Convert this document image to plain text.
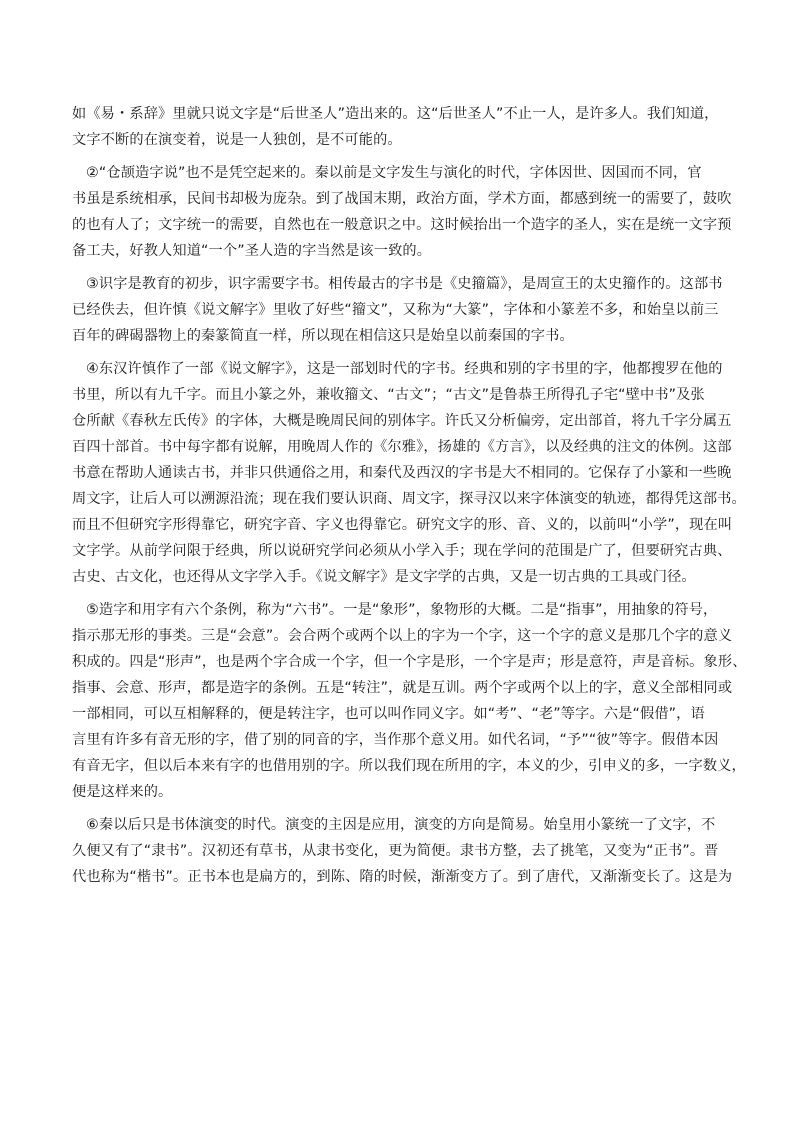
如《易・系辞》里就只说文字是“后世圣人”造出来的。这“后世圣人”不止一人，是许多人。我们知道，
文字不断的在演变着，说是一人独创，是不可能的。
②“仓颉造字说”也不是凭空起来的。秦以前是文字发生与演化的时代，字体因世、因国而不同，官
书虽是系统相承，民间书却极为庞杂。到了战国末期，政治方面，学术方面，都感到统一的需要了，鼓吹
的也有人了；文字统一的需要，自然也在一般意识之中。这时候抬出一个造字的圣人，实在是统一文字预
备工夫，好教人知道“一个”圣人造的字当然是该一致的。
③识字是教育的初步，识字需要字书。相传最古的字书是《史籀篇》，是周宣王的太史籀作的。这部书
已经佚去，但许慎《说文解字》里收了好些“籀文”，又称为“大篆”，字体和小篆差不多，和始皇以前三
百年的碑碣器物上的秦篆简直一样，所以现在相信这只是始皇以前秦国的字书。
④东汉许慎作了一部《说文解字》，这是一部划时代的字书。经典和别的字书里的字，他都搜罗在他的
书里，所以有九千字。而且小篆之外，兼收籀文、“古文”；“古文”是鲁恭王所得孔子宅“壁中书”及张
仓所献《春秋左氏传》的字体，大概是晚周民间的别体字。许氏又分析偏旁，定出部首，将九千字分属五
百四十部首。书中每字都有说解，用晚周人作的《尔雅》，扬雄的《方言》，以及经典的注文的体例。这部
书意在帮助人通读古书，并非只供通俗之用，和秦代及西汉的字书是大不相同的。它保存了小篆和一些晚
周文字，让后人可以溯源沿流；现在我们要认识商、周文字，探寻汉以来字体演变的轨迹，都得凭这部书。
而且不但研究字形得靠它，研究字音、字义也得靠它。研究文字的形、音、义的，以前叫“小学”，现在叫
文字学。从前学问限于经典，所以说研究学问必须从小学入手；现在学问的范围是广了，但要研究古典、
古史、古文化，也还得从文字学入手。《说文解字》是文字学的古典，又是一切古典的工具或门径。
⑤造字和用字有六个条例，称为“六书”。一是“象形”，象物形的大概。二是“指事”，用抽象的符号，
指示那无形的事类。三是“会意”。会合两个或两个以上的字为一个字，这一个字的意义是那几个字的意义
积成的。四是“形声”，也是两个字合成一个字，但一个字是形，一个字是声；形是意符，声是音标。象形、
指事、会意、形声，都是造字的条例。五是“转注”，就是互训。两个字或两个以上的字，意义全部相同或
一部相同，可以互相解释的，便是转注字，也可以叫作同义字。如“考”、“老”等字。六是“假借”，语
言里有许多有音无形的字，借了别的同音的字，当作那个意义用。如代名词，“予”“彼”等字。假借本因
有音无字，但以后本来有字的也借用别的字。所以我们现在所用的字，本义的少，引申义的多，一字数义，
便是这样来的。
⑥秦以后只是书体演变的时代。演变的主因是应用，演变的方向是简易。始皇用小篆统一了文字，不
久便又有了“隶书”。汉初还有草书，从隶书变化，更为简便。隶书方整，去了挑笔，又变为“正书”。晋
代也称为“楷书”。正书本也是扁方的，到陈、隋的时候，渐渐变方了。到了唐代，又渐渐变长了。这是为
